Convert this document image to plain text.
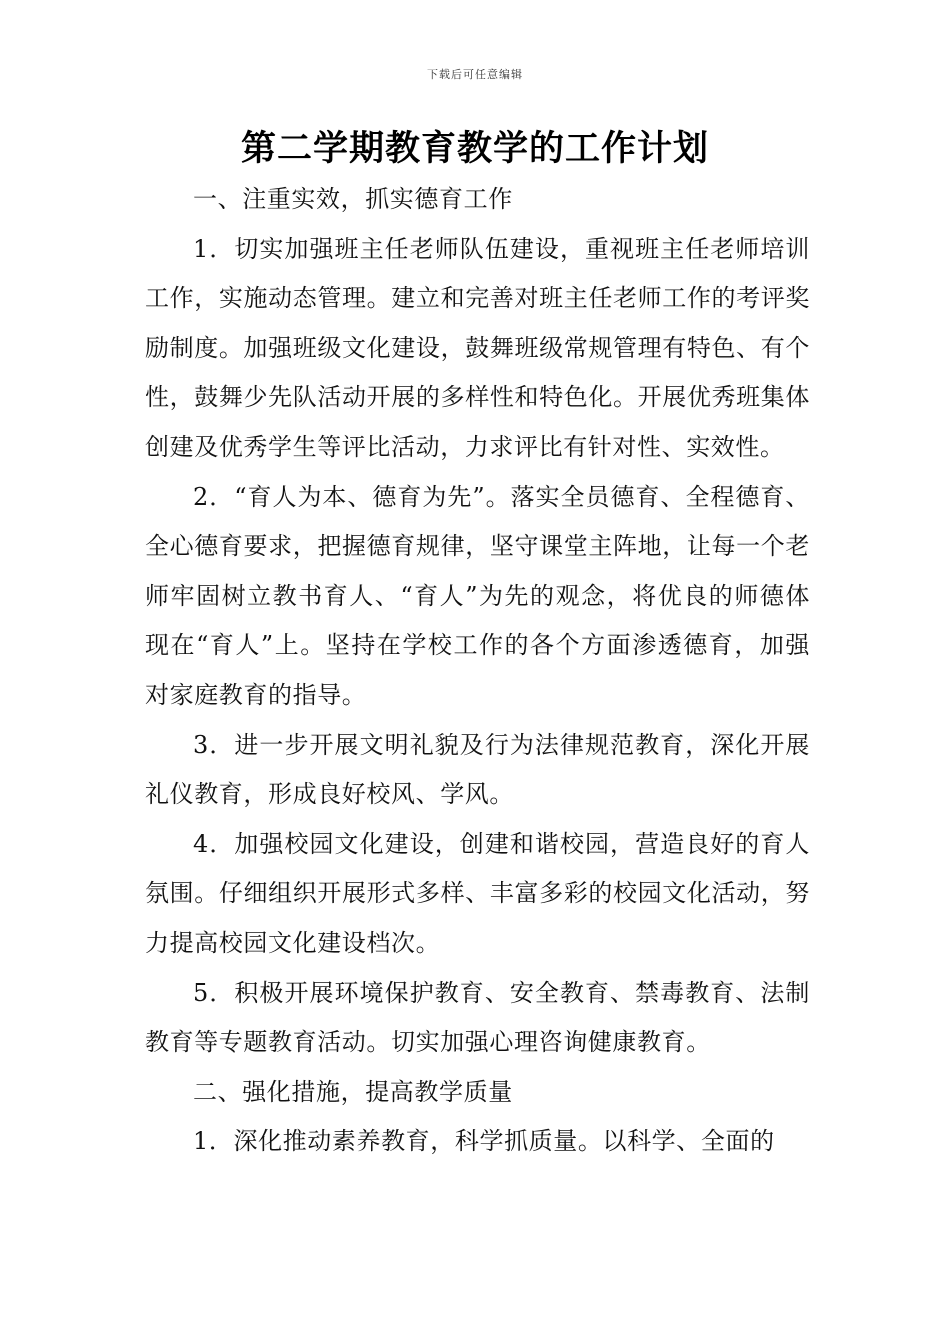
下载后可任意编辑
第二学期教育教学的工作计划

一、注重实效，抓实德育工作

1．切实加强班主任老师队伍建设，重视班主任老师培训工作，实施动态管理。建立和完善对班主任老师工作的考评奖励制度。加强班级文化建设，鼓舞班级常规管理有特色、有个性，鼓舞少先队活动开展的多样性和特色化。开展优秀班集体创建及优秀学生等评比活动，力求评比有针对性、实效性。

2．“育人为本、德育为先”。落实全员德育、全程德育、全心德育要求，把握德育规律，坚守课堂主阵地，让每一个老师牢固树立教书育人、“育人”为先的观念，将优良的师德体现在“育人”上。坚持在学校工作的各个方面渗透德育，加强对家庭教育的指导。

3．进一步开展文明礼貌及行为法律规范教育，深化开展礼仪教育，形成良好校风、学风。

4．加强校园文化建设，创建和谐校园，营造良好的育人氛围。仔细组织开展形式多样、丰富多彩的校园文化活动，努力提高校园文化建设档次。

5．积极开展环境保护教育、安全教育、禁毒教育、法制教育等专题教育活动。切实加强心理咨询健康教育。

二、强化措施，提高教学质量

1．深化推动素养教育，科学抓质量。以科学、全面的
